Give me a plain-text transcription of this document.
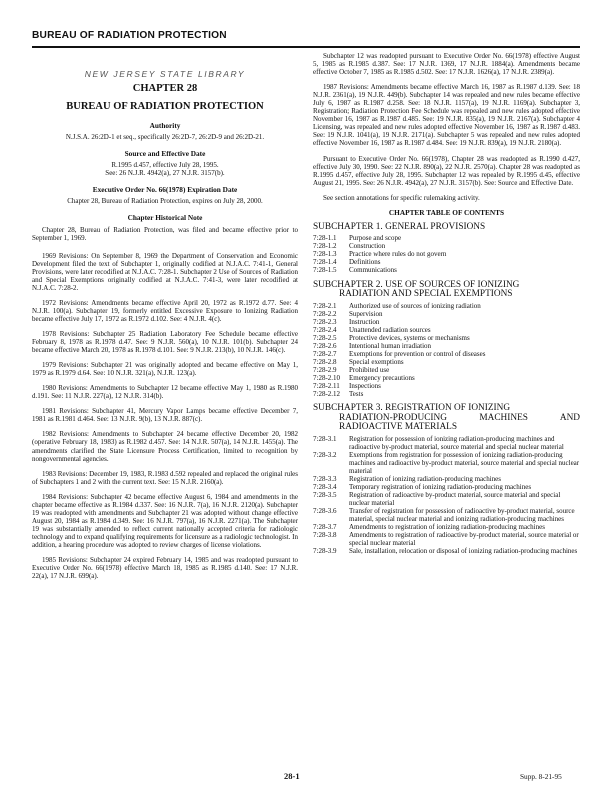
BUREAU OF RADIATION PROTECTION
NEW JERSEY STATE LIBRARY
CHAPTER 28
BUREAU OF RADIATION PROTECTION
Authority
N.J.S.A. 26:2D-1 et seq., specifically 26:2D-7, 26:2D-9 and 26:2D-21.
Source and Effective Date
R.1995 d.457, effective July 28, 1995.
See: 26 N.J.R. 4942(a), 27 N.J.R. 3157(b).
Executive Order No. 66(1978) Expiration Date
Chapter 28, Bureau of Radiation Protection, expires on July 28, 2000.
Chapter Historical Note
Chapter 28, Bureau of Radiation Protection, was filed and became effective prior to September 1, 1969.
1969 Revisions: On September 8, 1969 the Department of Conservation and Economic Development filed the text of Subchapter 1, originally codified at N.J.A.C. 7:41-1, General Provisions, were later recodified at N.J.A.C. 7:28-1. Subchapter 2 Use of Sources of Radiation and Special Exemptions originally codified at N.J.A.C. 7:41-3, were later recodified at N.J.A.C. 7:28-2.
1972 Revisions: Amendments became effective April 20, 1972 as R.1972 d.77. See: 4 N.J.R. 100(a). Subchapter 19, formerly entitled Excessive Exposure to Ionizing Radiation became effective July 17, 1972 as R.1972 d.102. See: 4 N.J.R. 4(c).
1978 Revisions: Subchapter 25 Radiation Laboratory Fee Schedule became effective February 8, 1978 as R.1978 d.47. See: 9 N.J.R. 560(a), 10 N.J.R. 101(b). Subchapter 24 became effective March 20, 1978 as R.1978 d.101. See: 9 N.J.R. 213(b), 10 N.J.R. 146(c).
1979 Revisions: Subchapter 21 was originally adopted and became effective on May 1, 1979 as R.1979 d.64. See: 10 N.J.R. 321(a), N.J.R. 123(a).
1980 Revisions: Amendments to Subchapter 12 became effective May 1, 1980 as R.1980 d.191. See: 11 N.J.R. 227(a), 12 N.J.R. 314(b).
1981 Revisions: Subchapter 41, Mercury Vapor Lamps became effective December 7, 1981 as R.1981 d.464. See: 13 N.J.R. 9(b), 13 N.J.R. 887(c).
1982 Revisions: Amendments to Subchapter 24 became effective December 20, 1982 (operative February 18, 1983) as R.1982 d.457. See: 14 N.J.R. 507(a), 14 N.J.R. 1455(a). The amendments clarified the State Licensure Process Certification, limited to recognition by nongovernmental agencies.
1983 Revisions: December 19, 1983, R.1983 d.592 repealed and replaced the original rules of Subchapters 1 and 2 with the current text. See: 15 N.J.R. 2160(a).
1984 Revisions: Subchapter 42 became effective August 6, 1984 and amendments in the chapter became effective as R.1984 d.337. See: 16 N.J.R. 7(a), 16 N.J.R. 2120(a). Subchapter 19 was readopted with amendments and Subchapter 21 was adopted without change effective August 20, 1984 as R.1984 d.349. See: 16 N.J.R. 797(a), 16 N.J.R. 2271(a). The Subchapter 19 was substantially amended to reflect current nationally accepted criteria for radiologic technology and to expand qualifying requirements for licensure as a radiologic technologist. In addition, a hearing procedure was adopted to review charges of license violations.
1985 Revisions: Subchapter 24 expired February 14, 1985 and was readopted pursuant to Executive Order No. 66(1978) effective March 18, 1985 as R.1985 d.140. See: 17 N.J.R. 22(a), 17 N.J.R. 699(a).
Subchapter 12 was readopted pursuant to Executive Order No. 66(1978) effective August 5, 1985 as R.1985 d.387. See: 17 N.J.R. 1369, 17 N.J.R. 1884(a). Amendments became effective October 7, 1985 as R.1985 d.502. See: 17 N.J.R. 1626(a), 17 N.J.R. 2389(a).
1987 Revisions: Amendments became effective March 16, 1987 as R.1987 d.139. See: 18 N.J.R. 2361(a), 19 N.J.R. 449(b). Subchapter 14 was repealed and new rules became effective July 6, 1987 as R.1987 d.258. See: 18 N.J.R. 1157(a), 19 N.J.R. 1169(a). Subchapter 3, Registration; Radiation Protection Fee Schedule was repealed and new rules adopted effective November 16, 1987 as R.1987 d.485. See: 19 N.J.R. 835(a), 19 N.J.R. 2167(a). Subchapter 4 Licensing, was repealed and new rules adopted effective November 16, 1987 as R.1987 d.483. See: 19 N.J.R. 1041(a), 19 N.J.R. 2171(a). Subchapter 5 was repealed and new rules adopted effective November 16, 1987 as R.1987 d.484. See: 19 N.J.R. 839(a), 19 N.J.R. 2180(a).
Pursuant to Executive Order No. 66(1978), Chapter 28 was readopted as R.1990 d.427, effective July 30, 1990. See: 22 N.J.R. 890(a), 22 N.J.R. 2570(a). Chapter 28 was readopted as R.1995 d.457, effective July 28, 1995. Subchapter 12 was repealed by R.1995 d.45, effective August 21, 1995. See: 26 N.J.R. 4942(a), 27 N.J.R. 3157(b). See: Source and Effective Date.
See section annotations for specific rulemaking activity.
CHAPTER TABLE OF CONTENTS
SUBCHAPTER 1. GENERAL PROVISIONS
7:28-1.1	Purpose and scope
7:28-1.2	Construction
7:28-1.3	Practice where rules do not govern
7:28-1.4	Definitions
7:28-1.5	Communications
SUBCHAPTER 2. USE OF SOURCES OF IONIZING
RADIATION AND SPECIAL EXEMPTIONS
7:28-2.1	Authorized use of sources of ionizing radiation
7:28-2.2	Supervision
7:28-2.3	Instruction
7:28-2.4	Unattended radiation sources
7:28-2.5	Protective devices, systems or mechanisms
7:28-2.6	Intentional human irradiation
7:28-2.7	Exemptions for prevention or control of diseases
7:28-2.8	Special exemptions
7:28-2.9	Prohibited use
7:28-2.10	Emergency precautions
7:28-2.11	Inspections
7:28-2.12	Tests
SUBCHAPTER 3. REGISTRATION OF IONIZING
RADIATION-PRODUCING MACHINES AND RADIOACTIVE MATERIALS
7:28-3.1	Registration for possession of ionizing radiation-producing machines and radioactive by-product material, source material and special nuclear material
7:28-3.2	Exemptions from registration for possession of ionizing radiation-producing machines and radioactive by-product material, source material and special nuclear material
7:28-3.3	Registration of ionizing radiation-producing machines
7:28-3.4	Temporary registration of ionizing radiation-producing machines
7:28-3.5	Registration of radioactive by-product material, source material and special nuclear material
7:28-3.6	Transfer of registration for possession of radioactive by-product material, source material, special nuclear material and ionizing radiation-producing machines
7:28-3.7	Amendments to registration of ionizing radiation-producing machines
7:28-3.8	Amendments to registration of radioactive by-product material, source material or special nuclear material
7:28-3.9	Sale, installation, relocation or disposal of ionizing radiation-producing machines
28-1	Supp. 8-21-95
